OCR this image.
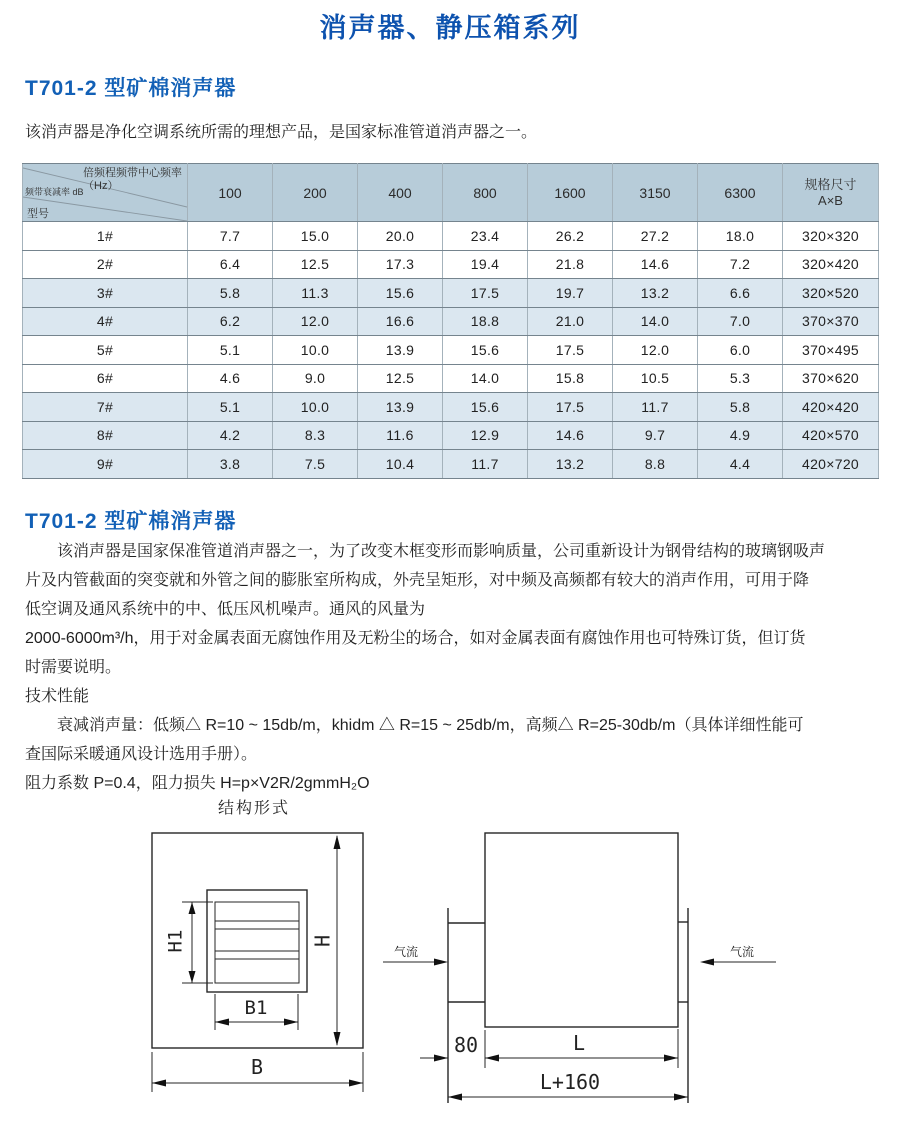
消声器、静压箱系列
T701-2 型矿棉消声器
该消声器是净化空调系统所需的理想产品，是国家标准管道消声器之一。
倍频程频带中心频率（Hz）
频带衰减率 dB
型号
	100	200	400	800	1600	3150	6300	
规格尺寸
A×B

1#	7.7	15.0	20.0	23.4	26.2	27.2	18.0	320×320
2#	6.4	12.5	17.3	19.4	21.8	14.6	7.2	320×420
3#	5.8	11.3	15.6	17.5	19.7	13.2	6.6	320×520
4#	6.2	12.0	16.6	18.8	21.0	14.0	7.0	370×370
5#	5.1	10.0	13.9	15.6	17.5	12.0	6.0	370×495
6#	4.6	9.0	12.5	14.0	15.8	10.5	5.3	370×620
7#	5.1	10.0	13.9	15.6	17.5	11.7	5.8	420×420
8#	4.2	8.3	11.6	12.9	14.6	9.7	4.9	420×570
9#	3.8	7.5	10.4	11.7	13.2	8.8	4.4	420×720
T701-2 型矿棉消声器
该消声器是国家保准管道消声器之一，为了改变木框变形而影响质量，公司重新设计为钢骨结构的玻璃钢吸声
片及内管截面的突变就和外管之间的膨胀室所构成，外壳呈矩形，对中频及高频都有较大的消声作用，可用于降
低空调及通风系统中的中、低压风机噪声。通风的风量为
2000-6000m³/h，用于对金属表面无腐蚀作用及无粉尘的场合，如对金属表面有腐蚀作用也可特殊订货，但订货
时需要说明。
技术性能
衰减消声量：低频△ R=10 ~ 15db/m，khidm △ R=15 ~ 25db/m，高频△ R=25-30db/m（具体详细性能可
查国际采暖通风设计选用手册）。
阻力系数 P=0.4，阻力损失 H=p×V2R/2gmmH₂O
结构形式
H1	H
B1
B
气流	气流
80	L
L+160
